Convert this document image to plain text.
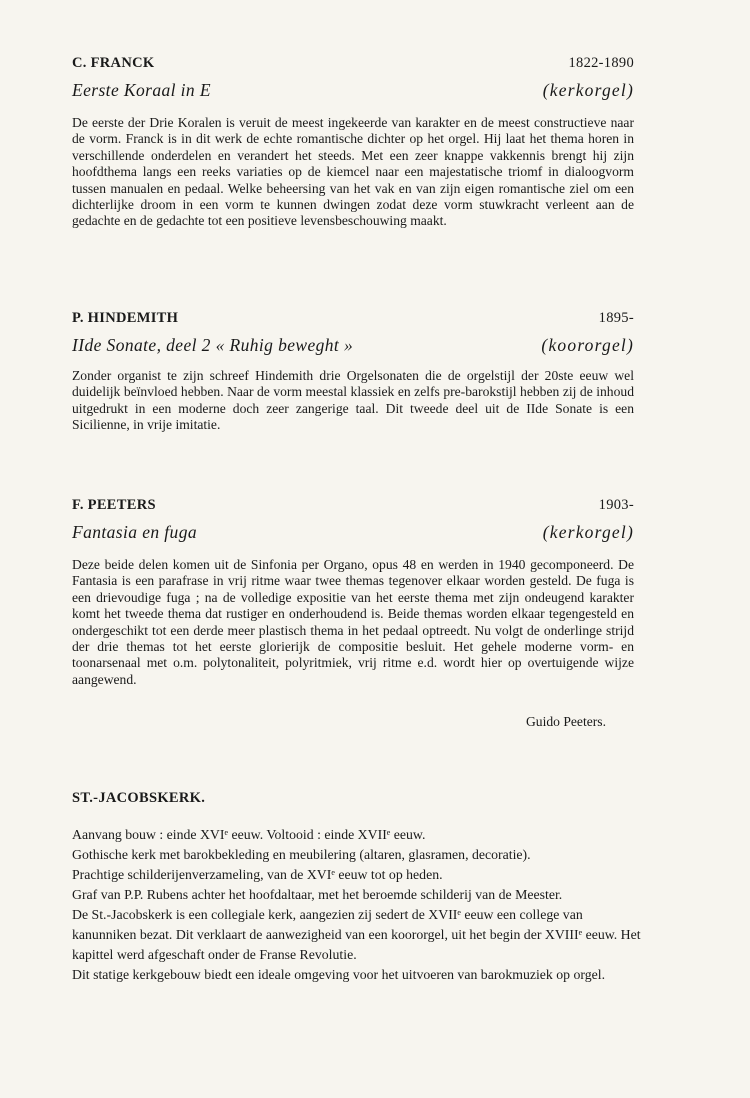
C. FRANCK	1822-1890
Eerste Koraal in E	(kerkorgel)
De eerste der Drie Koralen is veruit de meest ingekeerde van karakter en de meest constructieve naar de vorm. Franck is in dit werk de echte romantische dichter op het orgel. Hij laat het thema horen in verschillende onderdelen en verandert het steeds. Met een zeer knappe vakkennis brengt hij zijn hoofdthema langs een reeks variaties op de kiemcel naar een majestatische triomf in dialoogvorm tussen manualen en pedaal. Welke beheersing van het vak en van zijn eigen romantische ziel om een dichterlijke droom in een vorm te kunnen dwingen zodat deze vorm stuwkracht verleent aan de gedachte en de gedachte tot een positieve levensbeschouwing maakt.
P. HINDEMITH	1895-
IIde Sonate, deel 2 « Ruhig beweght »	(koororgel)
Zonder organist te zijn schreef Hindemith drie Orgelsonaten die de orgelstijl der 20ste eeuw wel duidelijk beïnvloed hebben. Naar de vorm meestal klassiek en zelfs pre-barokstijl hebben zij de inhoud uitgedrukt in een moderne doch zeer zangerige taal. Dit tweede deel uit de IIde Sonate is een Sicilienne, in vrije imitatie.
F. PEETERS	1903-
Fantasia en fuga	(kerkorgel)
Deze beide delen komen uit de Sinfonia per Organo, opus 48 en werden in 1940 gecomponeerd. De Fantasia is een parafrase in vrij ritme waar twee themas tegenover elkaar worden gesteld. De fuga is een drievoudige fuga ; na de volledige expositie van het eerste thema met zijn ondeugend karakter komt het tweede thema dat rustiger en onderhoudend is. Beide themas worden elkaar tegengesteld en ondergeschikt tot een derde meer plastisch thema in het pedaal optreedt. Nu volgt de onderlinge strijd der drie themas tot het eerste glorierijk de compositie besluit. Het gehele moderne vorm- en toonarsenaal met o.m. polytonaliteit, polyritmiek, vrij ritme e.d. wordt hier op overtuigende wijze aangewend.
Guido Peeters.
ST.-JACOBSKERK.

Aanvang bouw : einde XVIᵉ eeuw. Voltooid : einde XVIIᵉ eeuw.

Gothische kerk met barokbekleding en meubilering (altaren, glasramen, decoratie).

Prachtige schilderijenverzameling, van de XVIᵉ eeuw tot op heden.

Graf van P.P. Rubens achter het hoofdaltaar, met het beroemde schilderij van de Meester.

De St.-Jacobskerk is een collegiale kerk, aangezien zij sedert de XVIIᵉ eeuw een college van kanunniken bezat. Dit verklaart de aanwezigheid van een koororgel, uit het begin der XVIIIᵉ eeuw. Het kapittel werd afgeschaft onder de Franse Revolutie.

Dit statige kerkgebouw biedt een ideale omgeving voor het uitvoeren van barokmuziek op orgel.
